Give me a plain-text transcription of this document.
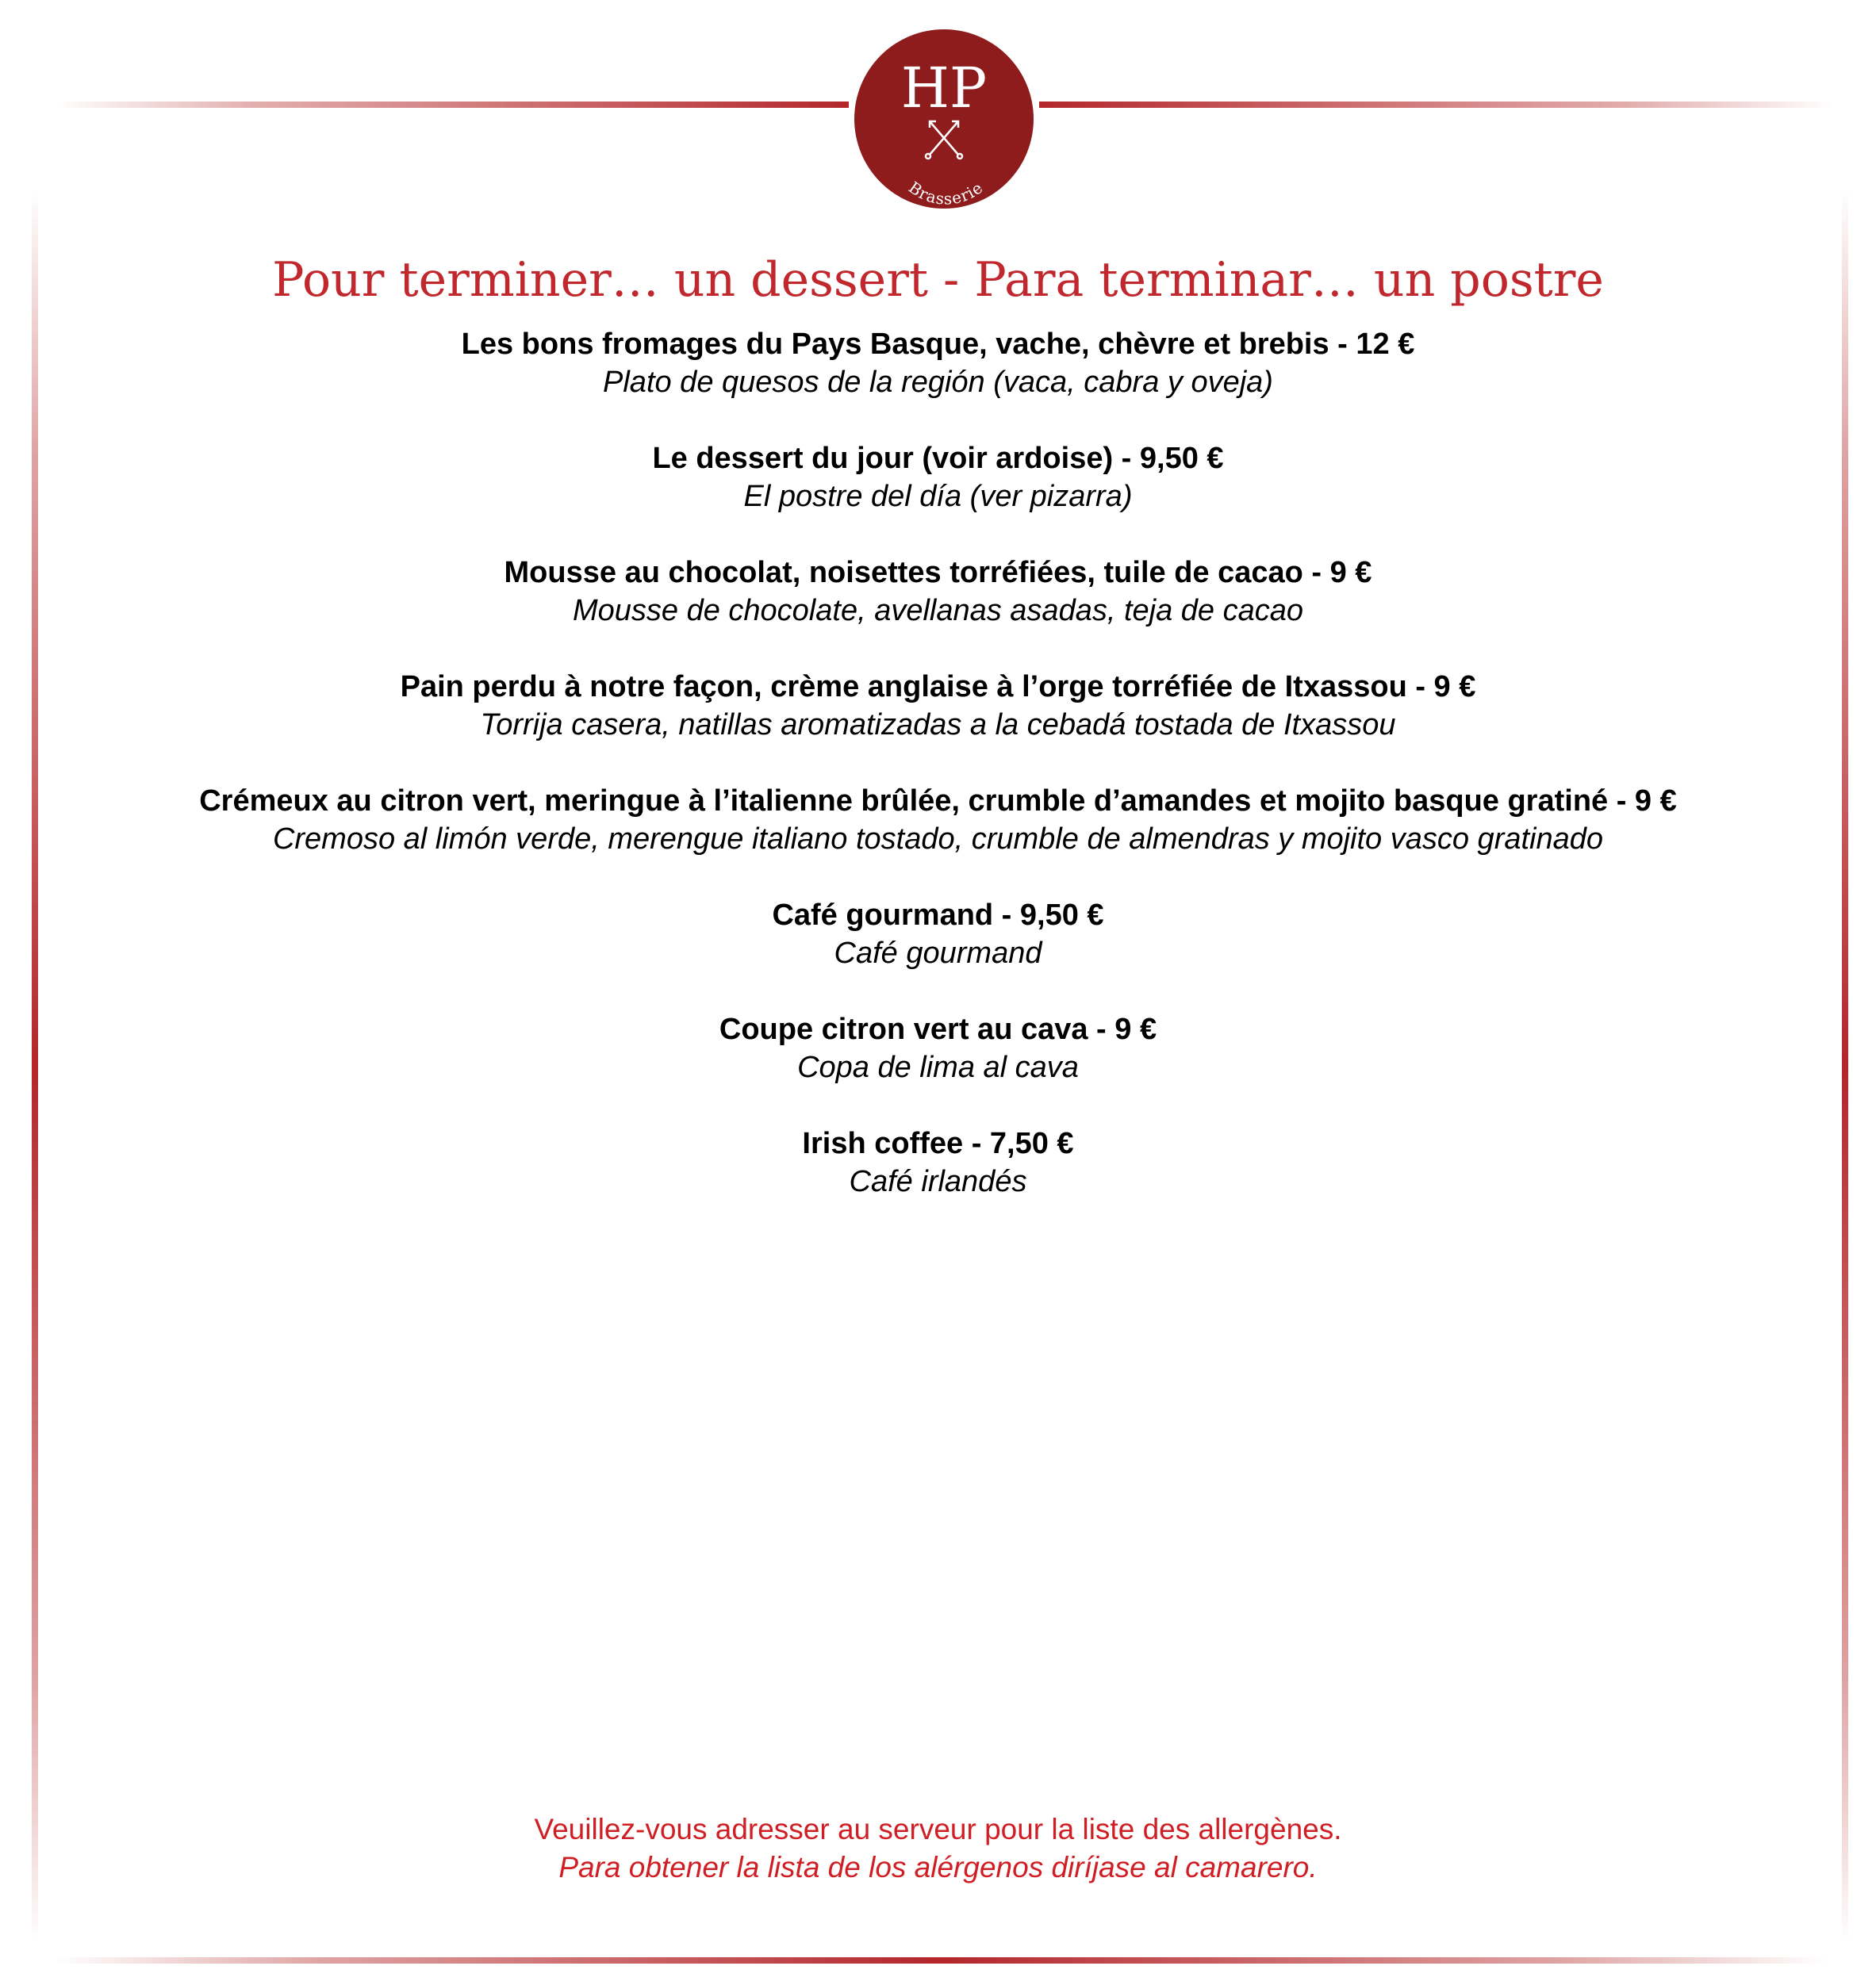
HP
Brasserie
Pour terminer… un dessert - Para terminar… un postre
Les bons fromages du Pays Basque, vache, chèvre et brebis - 12 €
Plato de quesos de la región (vaca, cabra y oveja)
Le dessert du jour (voir ardoise) - 9,50 €
El postre del día (ver pizarra)
Mousse au chocolat, noisettes torréfiées, tuile de cacao - 9 €
Mousse de chocolate, avellanas asadas, teja de cacao
Pain perdu à notre façon, crème anglaise à l’orge torréfiée de Itxassou - 9 €
Torrija casera, natillas aromatizadas a la cebadá tostada de Itxassou
Crémeux au citron vert, meringue à l’italienne brûlée, crumble d’amandes et mojito basque gratiné - 9 €
Cremoso al limón verde, merengue italiano tostado, crumble de almendras y mojito vasco gratinado
Café gourmand - 9,50 €
Café gourmand
Coupe citron vert au cava - 9 €
Copa de lima al cava
Irish coffee - 7,50 €
Café irlandés
Veuillez-vous adresser au serveur pour la liste des allergènes.
Para obtener la lista de los alérgenos diríjase al camarero.
